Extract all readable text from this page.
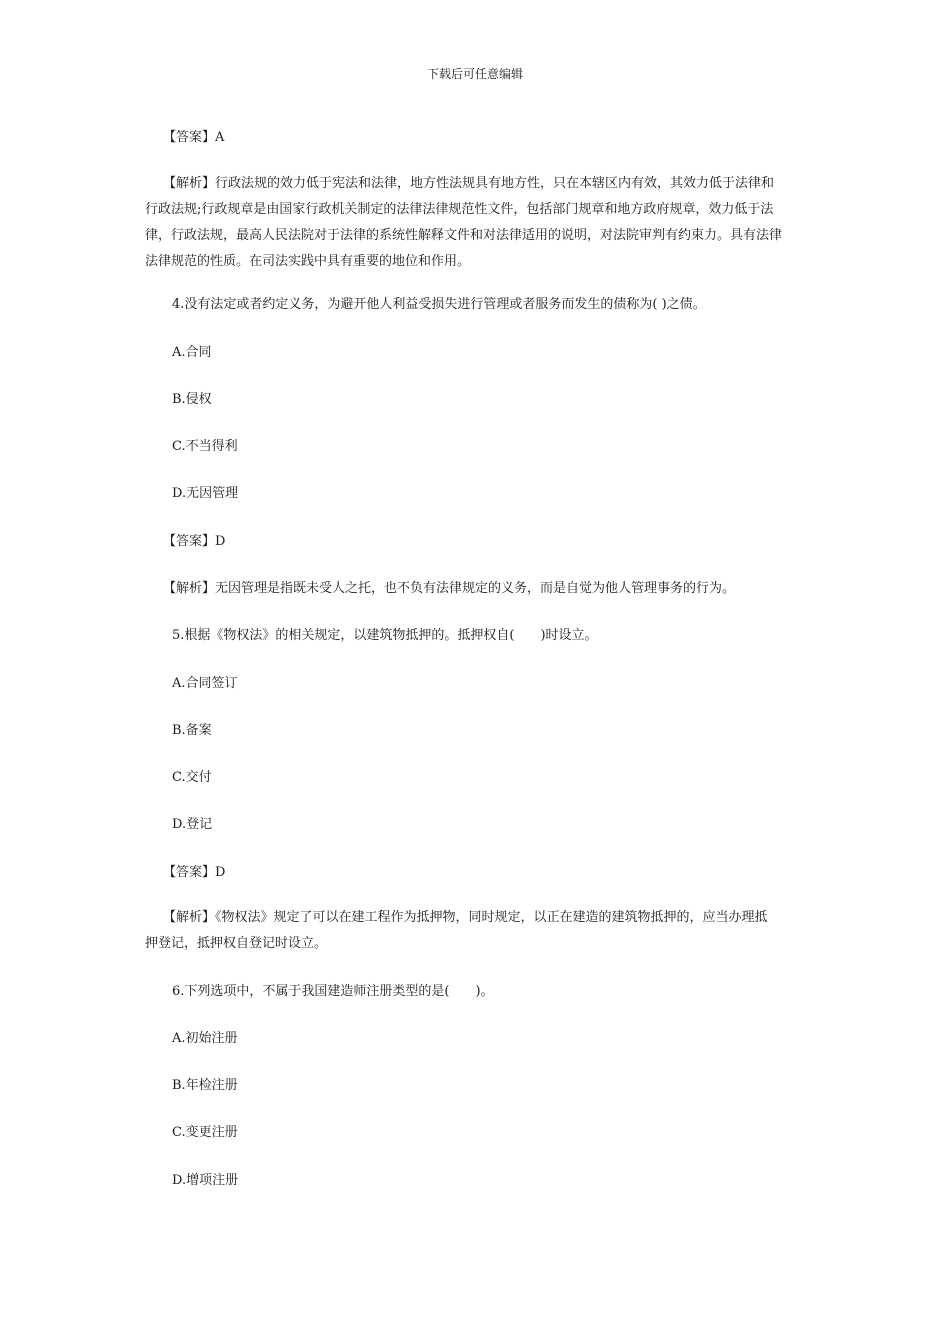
下载后可任意编辑
【答案】A
【解析】行政法规的效力低于宪法和法律，地方性法规具有地方性，只在本辖区内有效，其效力低于法律和
行政法规;行政规章是由国家行政机关制定的法律法律规范性文件，包括部门规章和地方政府规章，效力低于法
律，行政法规，最高人民法院对于法律的系统性解释文件和对法律适用的说明，对法院审判有约束力。具有法律
法律规范的性质。在司法实践中具有重要的地位和作用。
4.没有法定或者约定义务，为避开他人利益受损失进行管理或者服务而发生的债称为( )之债。
A.合同
B.侵权
C.不当得利
D.无因管理
【答案】D
【解析】无因管理是指既未受人之托，也不负有法律规定的义务，而是自觉为他人管理事务的行为。
5.根据《物权法》的相关规定，以建筑物抵押的。抵押权自(　　)时设立。
A.合同签订
B.备案
C.交付
D.登记
【答案】D
【解析】《物权法》规定了可以在建工程作为抵押物，同时规定，以正在建造的建筑物抵押的，应当办理抵
押登记，抵押权自登记时设立。
6.下列选项中，不属于我国建造师注册类型的是(　　)。
A.初始注册
B.年检注册
C.变更注册
D.增项注册
